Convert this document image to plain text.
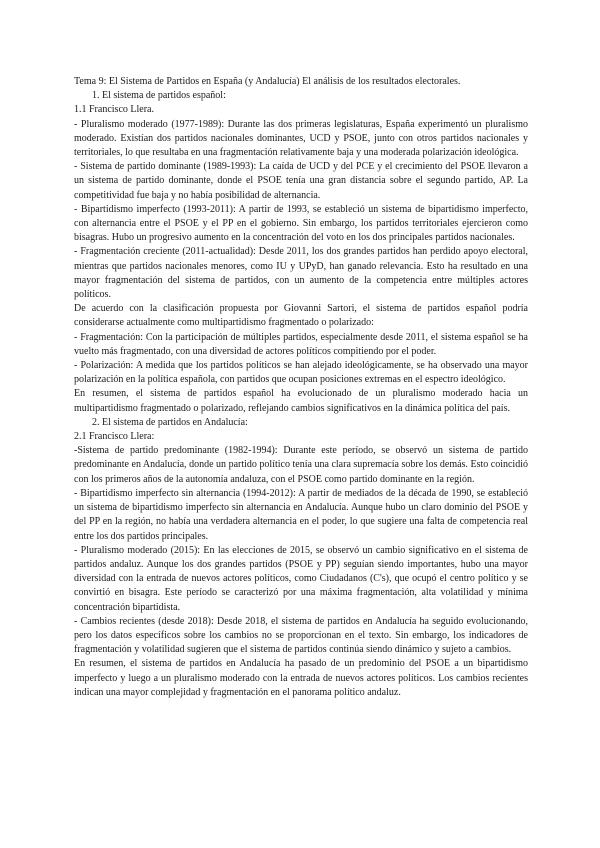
Tema 9: El Sistema de Partidos en España (y Andalucía) El análisis de los resultados electorales.

1. El sistema de partidos español:

1.1 Francisco Llera.

- Pluralismo moderado (1977-1989): Durante las dos primeras legislaturas, España experimentó un pluralismo moderado. Existían dos partidos nacionales dominantes, UCD y PSOE, junto con otros partidos nacionales y territoriales, lo que resultaba en una fragmentación relativamente baja y una moderada polarización ideológica.

- Sistema de partido dominante (1989-1993): La caída de UCD y del PCE y el crecimiento del PSOE llevaron a un sistema de partido dominante, donde el PSOE tenía una gran distancia sobre el segundo partido, AP. La competitividad fue baja y no había posibilidad de alternancia.

- Bipartidismo imperfecto (1993-2011): A partir de 1993, se estableció un sistema de bipartidismo imperfecto, con alternancia entre el PSOE y el PP en el gobierno. Sin embargo, los partidos territoriales ejercieron como bisagras. Hubo un progresivo aumento en la concentración del voto en los dos principales partidos nacionales.

- Fragmentación creciente (2011-actualidad): Desde 2011, los dos grandes partidos han perdido apoyo electoral, mientras que partidos nacionales menores, como IU y UPyD, han ganado relevancia. Esto ha resultado en una mayor fragmentación del sistema de partidos, con un aumento de la competencia entre múltiples actores políticos.

De acuerdo con la clasificación propuesta por Giovanni Sartori, el sistema de partidos español podría considerarse actualmente como multipartidismo fragmentado o polarizado:

- Fragmentación: Con la participación de múltiples partidos, especialmente desde 2011, el sistema español se ha vuelto más fragmentado, con una diversidad de actores políticos compitiendo por el poder.

- Polarización: A medida que los partidos políticos se han alejado ideológicamente, se ha observado una mayor polarización en la política española, con partidos que ocupan posiciones extremas en el espectro ideológico.

En resumen, el sistema de partidos español ha evolucionado de un pluralismo moderado hacia un multipartidismo fragmentado o polarizado, reflejando cambios significativos en la dinámica política del país.

2. El sistema de partidos en Andalucía:

2.1 Francisco Llera:

-Sistema de partido predominante (1982-1994): Durante este período, se observó un sistema de partido predominante en Andalucía, donde un partido político tenía una clara supremacía sobre los demás. Esto coincidió con los primeros años de la autonomía andaluza, con el PSOE como partido dominante en la región.

- Bipartidismo imperfecto sin alternancia (1994-2012): A partir de mediados de la década de 1990, se estableció un sistema de bipartidismo imperfecto sin alternancia en Andalucía. Aunque hubo un claro dominio del PSOE y del PP en la región, no había una verdadera alternancia en el poder, lo que sugiere una falta de competencia real entre los dos partidos principales.

- Pluralismo moderado (2015): En las elecciones de 2015, se observó un cambio significativo en el sistema de partidos andaluz. Aunque los dos grandes partidos (PSOE y PP) seguían siendo importantes, hubo una mayor diversidad con la entrada de nuevos actores políticos, como Ciudadanos (C's), que ocupó el centro político y se convirtió en bisagra. Este período se caracterizó por una máxima fragmentación, alta volatilidad y mínima concentración bipartidista.

- Cambios recientes (desde 2018): Desde 2018, el sistema de partidos en Andalucía ha seguido evolucionando, pero los datos específicos sobre los cambios no se proporcionan en el texto. Sin embargo, los indicadores de fragmentación y volatilidad sugieren que el sistema de partidos continúa siendo dinámico y sujeto a cambios.

En resumen, el sistema de partidos en Andalucía ha pasado de un predominio del PSOE a un bipartidismo imperfecto y luego a un pluralismo moderado con la entrada de nuevos actores políticos. Los cambios recientes indican una mayor complejidad y fragmentación en el panorama político andaluz.
